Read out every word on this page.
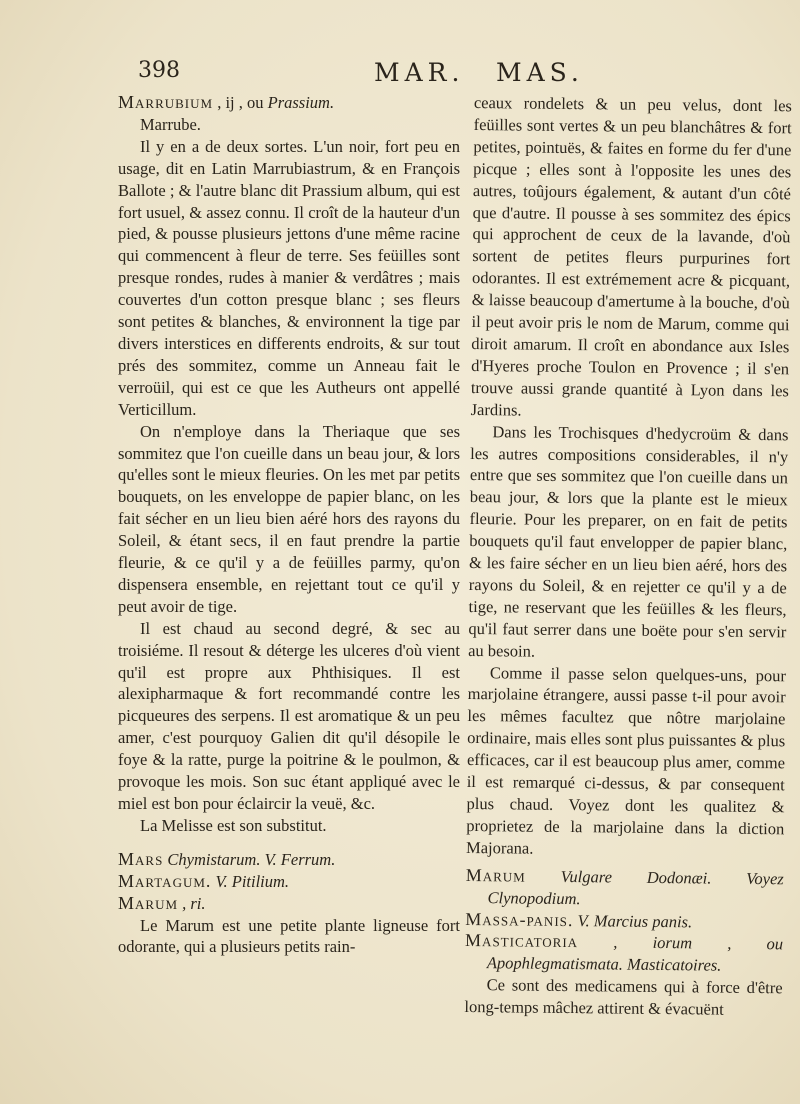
398	MAR. MAS.

Marrubium , ij , ou Prassium.
Marrube.

Il y en a de deux sortes. L'un noir, fort peu en usage, dit en Latin Marrubiastrum, & en François Ballote ; & l'autre blanc dit Prassium album, qui est fort usuel, & assez connu. Il croît de la hauteur d'un pied, & pousse plusieurs jettons d'une même racine qui commencent à fleur de terre. Ses feüilles sont presque rondes, rudes à manier & verdâtres ; mais couvertes d'un cotton presque blanc ; ses fleurs sont petites & blanches, & environnent la tige par divers interstices en differents endroits, & sur tout prés des sommitez, comme un Anneau fait le verroüil, qui est ce que les Autheurs ont appellé Verticillum.

On n'employe dans la Theriaque que ses sommitez que l'on cueille dans un beau jour, & lors qu'elles sont le mieux fleuries. On les met par petits bouquets, on les enveloppe de papier blanc, on les fait sécher en un lieu bien aéré hors des rayons du Soleil, & étant secs, il en faut prendre la partie fleurie, & ce qu'il y a de feüilles parmy, qu'on dispensera ensemble, en rejettant tout ce qu'il y peut avoir de tige.

Il est chaud au second degré, & sec au troisiéme. Il resout & déterge les ulceres d'où vient qu'il est propre aux Phthisiques. Il est alexipharmaque & fort recommandé contre les picqueures des serpens. Il est aromatique & un peu amer, c'est pourquoy Galien dit qu'il désopile le foye & la ratte, purge la poitrine & le poulmon, & provoque les mois. Son suc étant appliqué avec le miel est bon pour éclaircir la veuë, &c.

La Melisse est son substitut.

Mars Chymistarum. V. Ferrum.

Martagum. V. Pitilium.

Marum , ri.

Le Marum est une petite plante ligneuse fort odorante, qui a plusieurs petits rain-

ceaux rondelets & un peu velus, dont les feüilles sont vertes & un peu blanchâtres & fort petites, pointuës, & faites en forme du fer d'une picque ; elles sont à l'opposite les unes des autres, toûjours également, & autant d'un côté que d'autre. Il pousse à ses sommitez des épics qui approchent de ceux de la lavande, d'où sortent de petites fleurs purpurines fort odorantes. Il est extrémement acre & picquant, & laisse beaucoup d'amertume à la bouche, d'où il peut avoir pris le nom de Marum, comme qui diroit amarum. Il croît en abondance aux Isles d'Hyeres proche Toulon en Provence ; il s'en trouve aussi grande quantité à Lyon dans les Jardins.

Dans les Trochisques d'hedycroüm & dans les autres compositions considerables, il n'y entre que ses sommitez que l'on cueille dans un beau jour, & lors que la plante est le mieux fleurie. Pour les preparer, on en fait de petits bouquets qu'il faut envelopper de papier blanc, & les faire sécher en un lieu bien aéré, hors des rayons du Soleil, & en rejetter ce qu'il y a de tige, ne reservant que les feüilles & les fleurs, qu'il faut serrer dans une boëte pour s'en servir au besoin.

Comme il passe selon quelques-uns, pour marjolaine étrangere, aussi passe t-il pour avoir les mêmes facultez que nôtre marjolaine ordinaire, mais elles sont plus puissantes & plus efficaces, car il est beaucoup plus amer, comme il est remarqué ci-dessus, & par consequent plus chaud. Voyez dont les qualitez & proprietez de la marjolaine dans la diction Majorana.

Marum Vulgare Dodonæi. Voyez Clynopodium.

Massa-panis. V. Marcius panis.

Masticatoria , iorum , ou Apophlegmatismata. Masticatoires.

Ce sont des medicamens qui à force d'être long-temps mâchez attirent & évacuënt
